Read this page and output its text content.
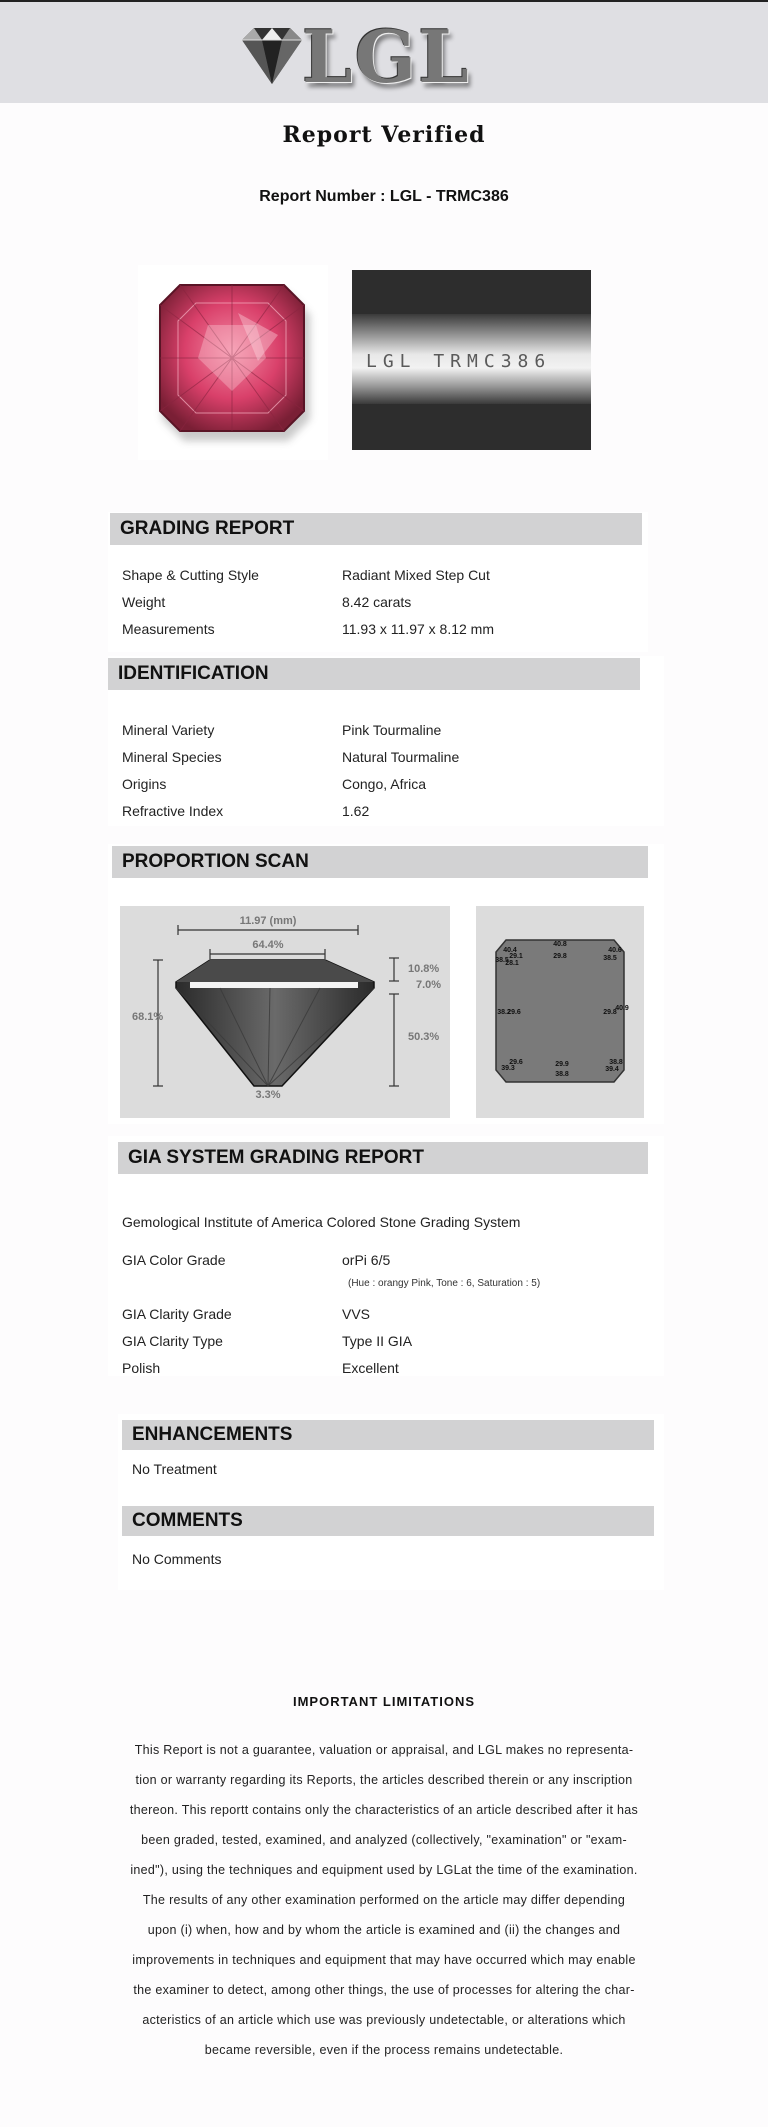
LGL
Report Verified
Report Number : LGL - TRMC386
LGL TRMC386
GRADING REPORT
Shape & Cutting Style	Radiant Mixed Step Cut
Weight	8.42 carats
Measurements	11.93 x 11.97 x 8.12 mm
IDENTIFICATION
Mineral Variety	Pink Tourmaline
Mineral Species	Natural Tourmaline
Origins	Congo, Africa
Refractive Index	1.62
PROPORTION SCAN
11.97 (mm)
64.4%
68.1%
10.8%
7.0%
50.3%
3.3%
40.8
29.8
40.6
38.5
40.4
29.1
28.1
38.5
38.2
29.6	29.8
40.9
29.6
39.3
29.9
38.8
38.8
39.4
GIA SYSTEM GRADING REPORT
Gemological Institute of America Colored Stone Grading System
GIA Color Grade	orPi 6/5
(Hue : orangy Pink, Tone : 6, Saturation : 5)
GIA Clarity Grade	VVS
GIA Clarity Type	Type II GIA
Polish	Excellent
ENHANCEMENTS
No Treatment
COMMENTS
No Comments
IMPORTANT LIMITATIONS
This Report is not a guarantee, valuation or appraisal, and LGL makes no representa-
tion or warranty regarding its Reports, the articles described therein or any inscription
thereon. This reportt contains only the characteristics of an article described after it has
been graded, tested, examined, and analyzed (collectively, "examination" or "exam-
ined"), using the techniques and equipment used by LGLat the time of the examination.
The results of any other examination performed on the article may differ depending
upon (i) when, how and by whom the article is examined and (ii) the changes and
improvements in techniques and equipment that may have occurred which may enable
the examiner to detect, among other things, the use of processes for altering the char-
acteristics of an article which use was previously undetectable, or alterations which
became reversible, even if the process remains undetectable.
